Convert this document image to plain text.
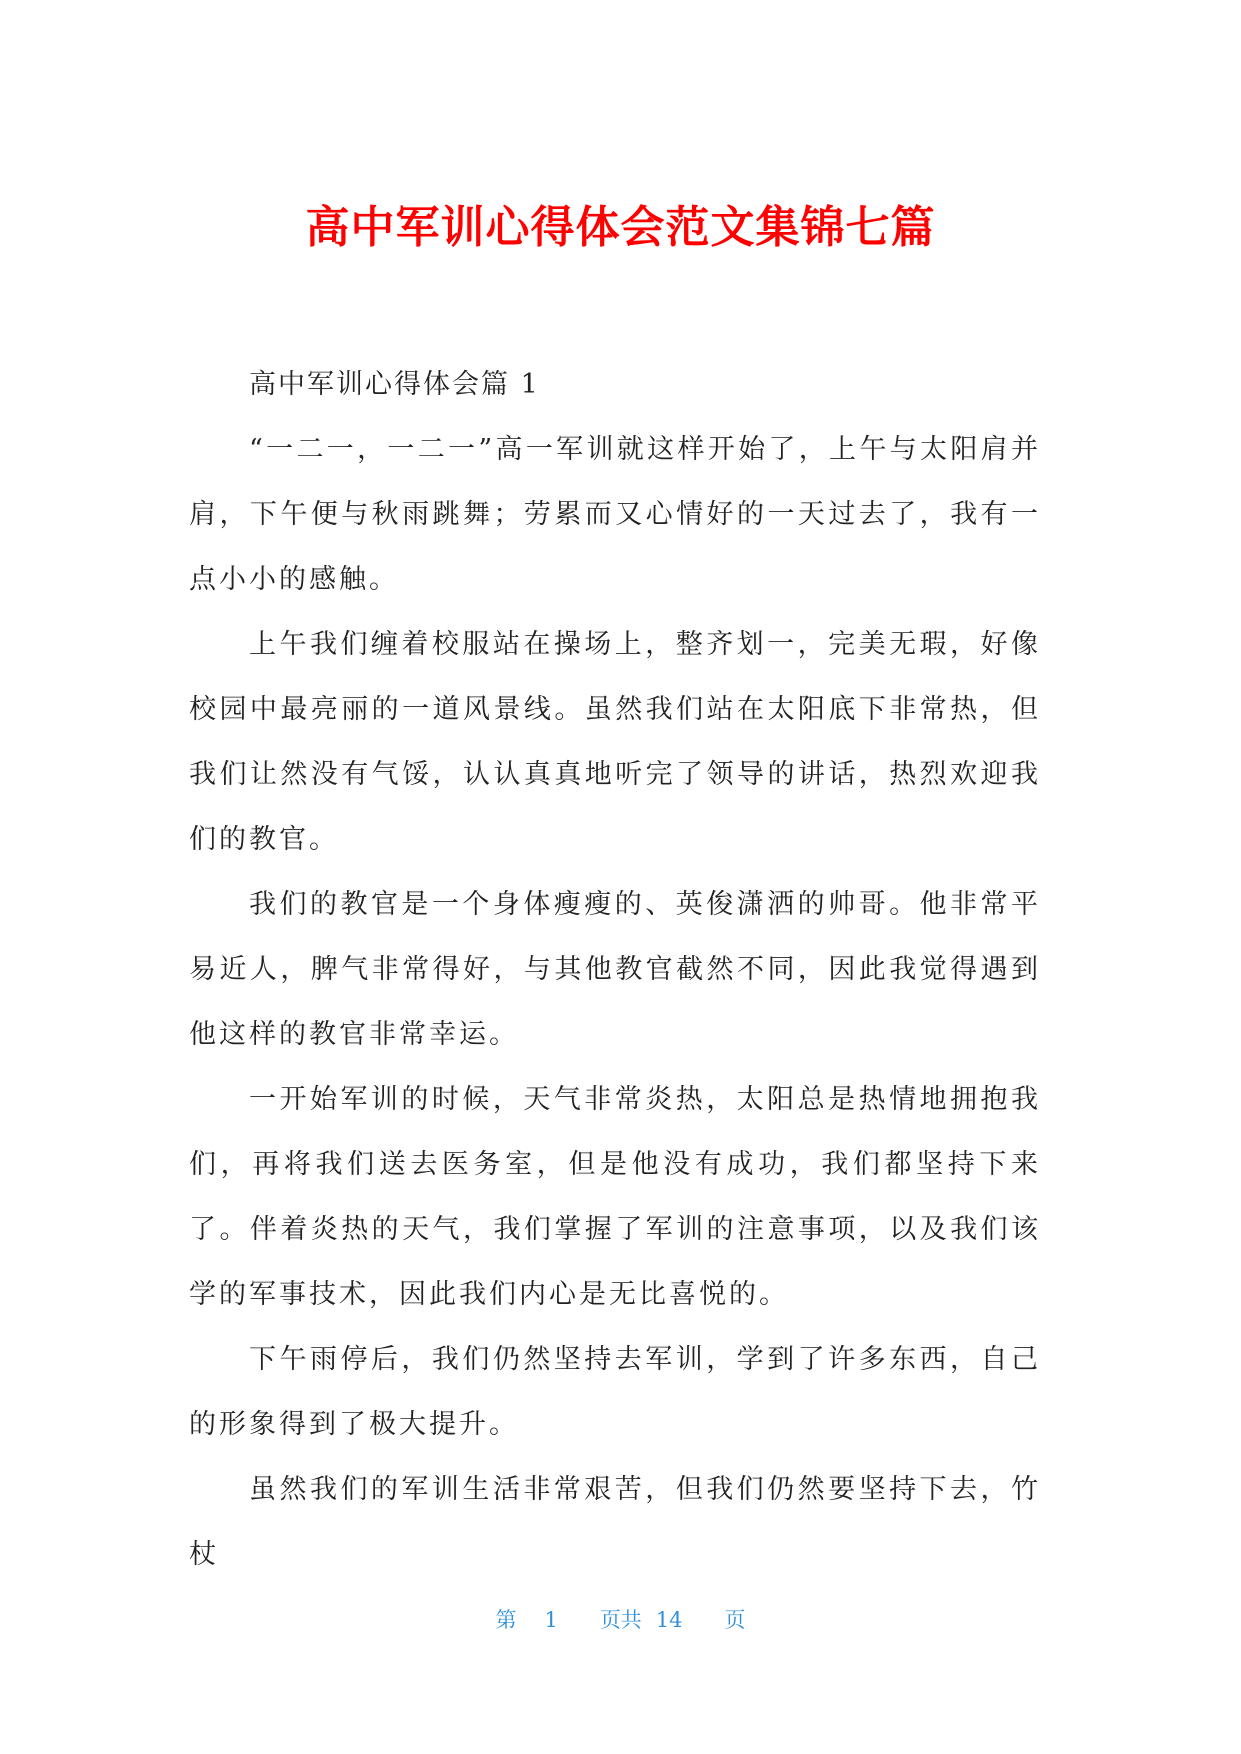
高中军训心得体会范文集锦七篇

高中军训心得体会篇 1

“一二一，一二一”高一军训就这样开始了，上午与太阳肩并肩，下午便与秋雨跳舞；劳累而又心情好的一天过去了，我有一点小小的感触。

上午我们缠着校服站在操场上，整齐划一，完美无瑕，好像校园中最亮丽的一道风景线。虽然我们站在太阳底下非常热，但我们让然没有气馁，认认真真地听完了领导的讲话，热烈欢迎我们的教官。

我们的教官是一个身体瘦瘦的、英俊潇洒的帅哥。他非常平易近人，脾气非常得好，与其他教官截然不同，因此我觉得遇到他这样的教官非常幸运。

一开始军训的时候，天气非常炎热，太阳总是热情地拥抱我们，再将我们送去医务室，但是他没有成功，我们都坚持下来了。伴着炎热的天气，我们掌握了军训的注意事项，以及我们该学的军事技术，因此我们内心是无比喜悦的。

下午雨停后，我们仍然坚持去军训，学到了许多东西，自己的形象得到了极大提升。

虽然我们的军训生活非常艰苦，但我们仍然要坚持下去，竹杖

第 1 页共 14 页
